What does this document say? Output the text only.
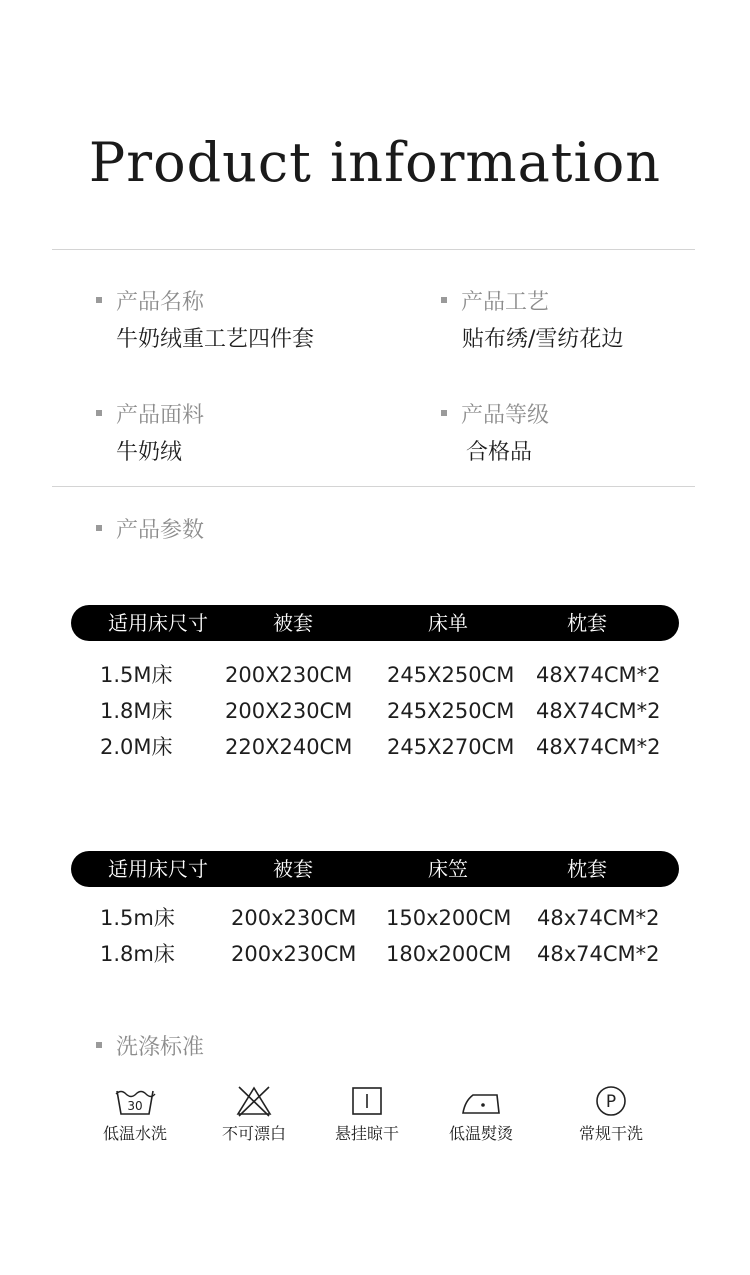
Product information
产品名称
牛奶绒重工艺四件套
产品工艺
贴布绣/雪纺花边
产品面料
牛奶绒
产品等级
合格品
产品参数
适用床尺寸	被套	床单	枕套
1.5M床 200X230CM 245X250CM 48X74CM*2
1.8M床 200X230CM 245X250CM 48X74CM*2
2.0M床 220X240CM 245X270CM 48X74CM*2
适用床尺寸	被套	床笠	枕套
1.5m床	200x230CM 150x200CM 48x74CM*2
1.8m床	200x230CM 180x200CM 48x74CM*2
洗涤标准
30
低温水洗	不可漂白	悬挂晾干	低温熨烫
P
常规干洗
